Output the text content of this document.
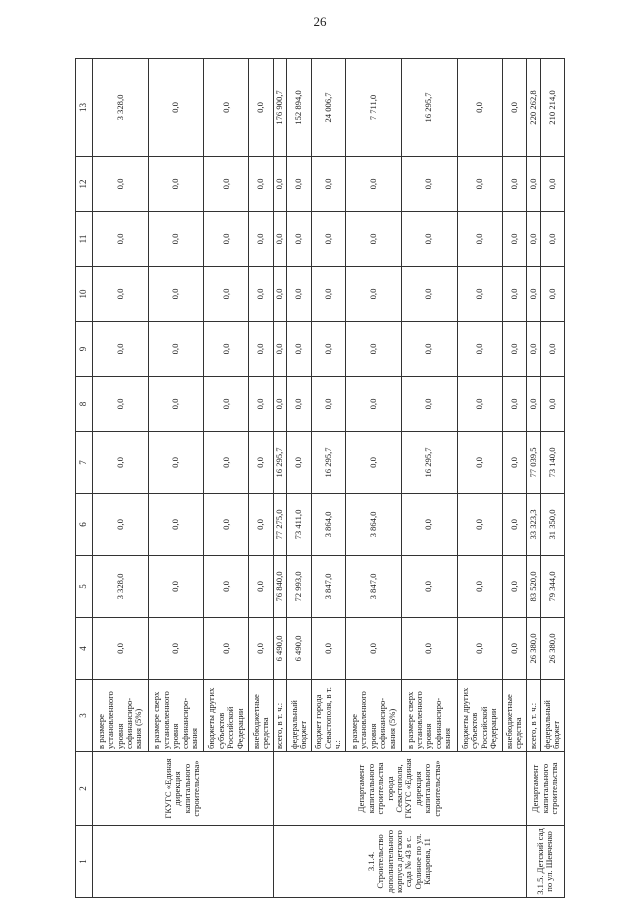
26
1	2	3	4	5	6	7	8	9	10	11	12	13
	ГКУГС «Единая дирекция капитального строительства»	в размере установленного уровня софинансиро-вания (5%)	0,0	3 328,0	0,0	0,0	0,0	0,0	0,0	0,0	0,0	3 328,0
		в размере сверх установленного уровня софинансиро-вания	0,0	0,0	0,0	0,0	0,0	0,0	0,0	0,0	0,0	0,0
		бюджеты других субъектов Российской Федерации	0,0	0,0	0,0	0,0	0,0	0,0	0,0	0,0	0,0	0,0
		внебюджетные средства	0,0	0,0	0,0	0,0	0,0	0,0	0,0	0,0	0,0	0,0
3.1.4. Строительство дополнительного корпуса детского сада № 43 в с. Орлиное по ул. Кацарова, 11	Департамент капитального строительства города Севастополя, ГКУГС «Единая дирекция капитального строительства»	всего, в т. ч.:	6 490,0	76 840,0	77 275,0	16 295,7	0,0	0,0	0,0	0,0	0,0	176 900,7
		федеральный бюджет	6 490,0	72 993,0	73 411,0	0,0	0,0	0,0	0,0	0,0	0,0	152 894,0
		бюджет города Севастополя, в т. ч.:	0,0	3 847,0	3 864,0	16 295,7	0,0	0,0	0,0	0,0	0,0	24 006,7
		в размере установленного уровня софинансиро-вания (5%)	0,0	3 847,0	3 864,0	0,0	0,0	0,0	0,0	0,0	0,0	7 711,0
		в размере сверх установленного уровня софинансиро-вания	0,0	0,0	0,0	16 295,7	0,0	0,0	0,0	0,0	0,0	16 295,7
		бюджеты других субъектов Российской Федерации	0,0	0,0	0,0	0,0	0,0	0,0	0,0	0,0	0,0	0,0
		внебюджетные средства	0,0	0,0	0,0	0,0	0,0	0,0	0,0	0,0	0,0	0,0
3.1.5. Детский сад по ул. Шевченко	Департамент капитального строительства	всего, в т. ч.:	26 380,0	83 520,0	33 323,3	77 039,5	0,0	0,0	0,0	0,0	0,0	220 262,8
		федеральный бюджет	26 380,0	79 344,0	31 350,0	73 140,0	0,0	0,0	0,0	0,0	0,0	210 214,0
